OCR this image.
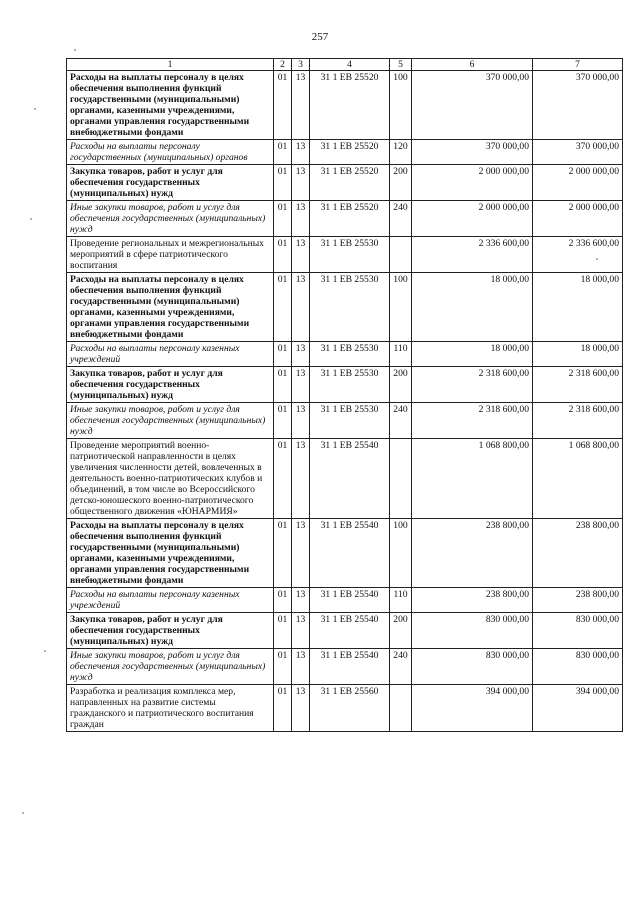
257
1	2	3	4	5	6	7
Расходы на выплаты персоналу в целях обеспечения выполнения функций государственными (муниципальными) органами, казенными учреждениями, органами управления государственными внебюджетными фондами	01	13	31 1 ЕВ 25520	100	370 000,00	370 000,00
Расходы на выплаты персоналу государственных (муниципальных) органов	01	13	31 1 ЕВ 25520	120	370 000,00	370 000,00
Закупка товаров, работ и услуг для обеспечения государственных (муниципальных) нужд	01	13	31 1 ЕВ 25520	200	2 000 000,00	2 000 000,00
Иные закупки товаров, работ и услуг для обеспечения государственных (муниципальных) нужд	01	13	31 1 ЕВ 25520	240	2 000 000,00	2 000 000,00
Проведение региональных и межрегиональных мероприятий в сфере патриотического воспитания	01	13	31 1 ЕВ 25530		2 336 600,00	2 336 600,00
Расходы на выплаты персоналу в целях обеспечения выполнения функций государственными (муниципальными) органами, казенными учреждениями, органами управления государственными внебюджетными фондами	01	13	31 1 ЕВ 25530	100	18 000,00	18 000,00
Расходы на выплаты персоналу казенных учреждений	01	13	31 1 ЕВ 25530	110	18 000,00	18 000,00
Закупка товаров, работ и услуг для обеспечения государственных (муниципальных) нужд	01	13	31 1 ЕВ 25530	200	2 318 600,00	2 318 600,00
Иные закупки товаров, работ и услуг для обеспечения государственных (муниципальных) нужд	01	13	31 1 ЕВ 25530	240	2 318 600,00	2 318 600,00
Проведение мероприятий военно-патриотической направленности в целях увеличения численности детей, вовлеченных в деятельность военно-патриотических клубов и объединений, в том числе во Всероссийского детско-юношеского военно-патриотического общественного движения «ЮНАРМИЯ»	01	13	31 1 ЕВ 25540		1 068 800,00	1 068 800,00
Расходы на выплаты персоналу в целях обеспечения выполнения функций государственными (муниципальными) органами, казенными учреждениями, органами управления государственными внебюджетными фондами	01	13	31 1 ЕВ 25540	100	238 800,00	238 800,00
Расходы на выплаты персоналу казенных учреждений	01	13	31 1 ЕВ 25540	110	238 800,00	238 800,00
Закупка товаров, работ и услуг для обеспечения государственных (муниципальных) нужд	01	13	31 1 ЕВ 25540	200	830 000,00	830 000,00
Иные закупки товаров, работ и услуг для обеспечения государственных (муниципальных) нужд	01	13	31 1 ЕВ 25540	240	830 000,00	830 000,00
Разработка и реализация комплекса мер, направленных на развитие системы гражданского и патриотического воспитания граждан	01	13	31 1 ЕВ 25560		394 000,00	394 000,00
